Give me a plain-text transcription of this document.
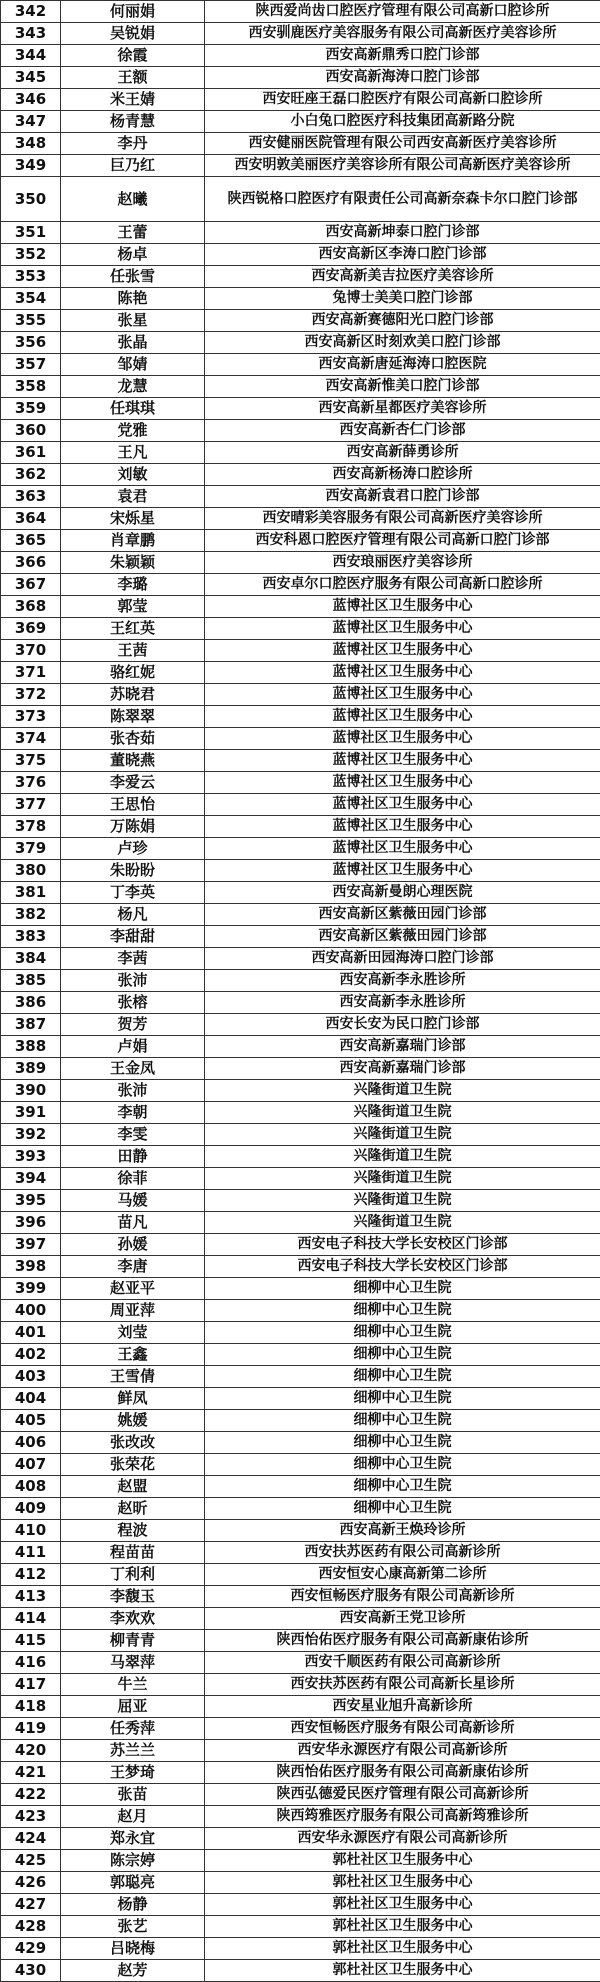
342	何丽娟	陕西爱尚齿口腔医疗管理有限公司高新口腔诊所
343	吴锐娟	西安驯鹿医疗美容服务有限公司高新医疗美容诊所
344	徐霞	西安高新鼎秀口腔门诊部
345	王额	西安高新海涛口腔门诊部
346	米王婧	西安旺座王磊口腔医疗有限公司高新口腔诊所
347	杨青慧	小白兔口腔医疗科技集团高新路分院
348	李丹	西安健丽医院管理有限公司西安高新医疗美容诊所
349	巨乃红	西安明敦美丽医疗美容诊所有限公司高新医疗美容诊所
350	赵曦	陕西锐格口腔医疗有限责任公司高新奈森卡尔口腔门诊部
351	王蕾	西安高新坤泰口腔门诊部
352	杨卓	西安高新区李涛口腔门诊部
353	任张雪	西安高新美吉拉医疗美容诊所
354	陈艳	兔博士美美口腔门诊部
355	张星	西安高新赛德阳光口腔门诊部
356	张晶	西安高新区时刻欢美口腔门诊部
357	邹婧	西安高新唐延海涛口腔医院
358	龙慧	西安高新惟美口腔门诊部
359	任琪琪	西安高新星都医疗美容诊所
360	党雅	西安高新杏仁门诊部
361	王凡	西安高新薛勇诊所
362	刘敏	西安高新杨涛口腔诊所
363	袁君	西安高新袁君口腔门诊部
364	宋烁星	西安晴彩美容服务有限公司高新医疗美容诊所
365	肖章鹏	西安科恩口腔医疗管理有限公司高新口腔门诊部
366	朱颖颖	西安琅丽医疗美容诊所
367	李璐	西安卓尔口腔医疗服务有限公司高新口腔诊所
368	郭莹	蓝博社区卫生服务中心
369	王红英	蓝博社区卫生服务中心
370	王茜	蓝博社区卫生服务中心
371	骆红妮	蓝博社区卫生服务中心
372	苏晓君	蓝博社区卫生服务中心
373	陈翠翠	蓝博社区卫生服务中心
374	张杏茹	蓝博社区卫生服务中心
375	董晓燕	蓝博社区卫生服务中心
376	李爱云	蓝博社区卫生服务中心
377	王思怡	蓝博社区卫生服务中心
378	万陈娟	蓝博社区卫生服务中心
379	卢珍	蓝博社区卫生服务中心
380	朱盼盼	蓝博社区卫生服务中心
381	丁李英	西安高新曼朗心理医院
382	杨凡	西安高新区紫薇田园门诊部
383	李甜甜	西安高新区紫薇田园门诊部
384	李茜	西安高新田园海涛口腔门诊部
385	张沛	西安高新李永胜诊所
386	张榕	西安高新李永胜诊所
387	贺芳	西安长安为民口腔门诊部
388	卢娟	西安高新嘉瑞门诊部
389	王金凤	西安高新嘉瑞门诊部
390	张沛	兴隆街道卫生院
391	李朝	兴隆街道卫生院
392	李雯	兴隆街道卫生院
393	田静	兴隆街道卫生院
394	徐菲	兴隆街道卫生院
395	马媛	兴隆街道卫生院
396	苗凡	兴隆街道卫生院
397	孙媛	西安电子科技大学长安校区门诊部
398	李唐	西安电子科技大学长安校区门诊部
399	赵亚平	细柳中心卫生院
400	周亚萍	细柳中心卫生院
401	刘莹	细柳中心卫生院
402	王鑫	细柳中心卫生院
403	王雪倩	细柳中心卫生院
404	鲜凤	细柳中心卫生院
405	姚媛	细柳中心卫生院
406	张改改	细柳中心卫生院
407	张荣花	细柳中心卫生院
408	赵盟	细柳中心卫生院
409	赵昕	细柳中心卫生院
410	程波	西安高新王焕玲诊所
411	程苗苗	西安扶苏医药有限公司高新诊所
412	丁利利	西安恒安心康高新第二诊所
413	李馥玉	西安恒畅医疗服务有限公司高新诊所
414	李欢欢	西安高新王党卫诊所
415	柳青青	陕西怡佑医疗服务有限公司高新康佑诊所
416	马翠萍	西安千顺医药有限公司高新诊所
417	牛兰	西安扶苏医药有限公司高新长星诊所
418	屈亚	西安星业旭升高新诊所
419	任秀萍	西安恒畅医疗服务有限公司高新诊所
420	苏兰兰	西安华永源医疗有限公司高新诊所
421	王梦琦	陕西怡佑医疗服务有限公司高新康佑诊所
422	张苗	陕西弘德爱民医疗管理有限公司高新诊所
423	赵月	陕西筠雅医疗服务有限公司高新筠雅诊所
424	郑永宜	西安华永源医疗有限公司高新诊所
425	陈宗婷	郭杜社区卫生服务中心
426	郭聪亮	郭杜社区卫生服务中心
427	杨静	郭杜社区卫生服务中心
428	张艺	郭杜社区卫生服务中心
429	吕晓梅	郭杜社区卫生服务中心
430	赵芳	郭杜社区卫生服务中心
